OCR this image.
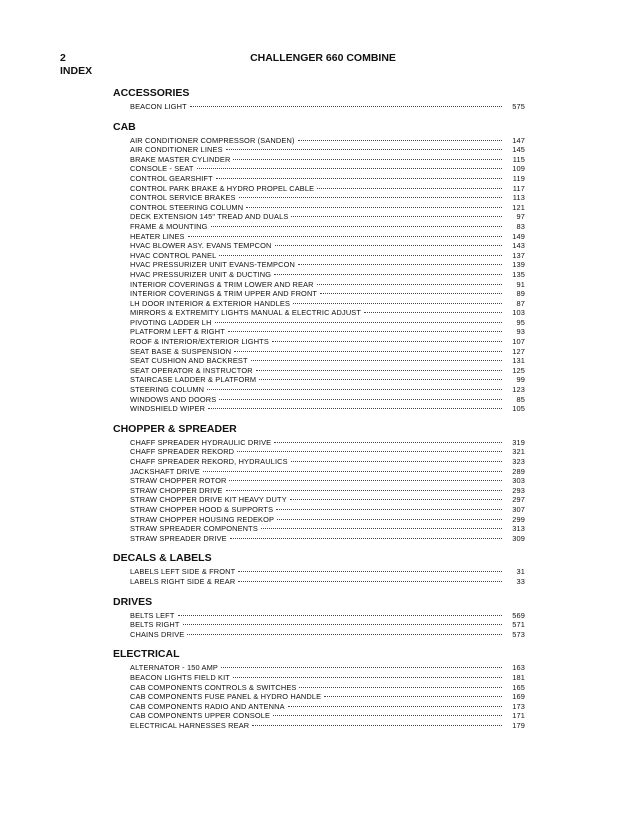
2	CHALLENGER 660 COMBINE
INDEX
ACCESSORIES
BEACON LIGHT	575
CAB
AIR CONDITIONER COMPRESSOR (SANDEN)	147
AIR CONDITIONER LINES	145
BRAKE MASTER CYLINDER	115
CONSOLE - SEAT	109
CONTROL GEARSHIFT	119
CONTROL PARK BRAKE & HYDRO PROPEL CABLE	117
CONTROL SERVICE BRAKES	113
CONTROL STEERING COLUMN	121
DECK EXTENSION 145" TREAD AND DUALS	97
FRAME & MOUNTING	83
HEATER LINES	149
HVAC BLOWER ASY. EVANS TEMPCON	143
HVAC CONTROL PANEL	137
HVAC PRESSURIZER UNIT EVANS-TEMPCON	139
HVAC PRESSURIZER UNIT & DUCTING	135
INTERIOR COVERINGS & TRIM LOWER AND REAR	91
INTERIOR COVERINGS & TRIM UPPER AND FRONT	89
LH DOOR INTERIOR & EXTERIOR HANDLES	87
MIRRORS & EXTREMITY LIGHTS MANUAL & ELECTRIC ADJUST	103
PIVOTING LADDER LH	95
PLATFORM LEFT & RIGHT	93
ROOF & INTERIOR/EXTERIOR LIGHTS	107
SEAT BASE & SUSPENSION	127
SEAT CUSHION AND BACKREST	131
SEAT OPERATOR & INSTRUCTOR	125
STAIRCASE LADDER & PLATFORM	99
STEERING COLUMN	123
WINDOWS AND DOORS	85
WINDSHIELD WIPER	105
CHOPPER & SPREADER
CHAFF SPREADER HYDRAULIC DRIVE	319
CHAFF SPREADER REKORD	321
CHAFF SPREADER REKORD, HYDRAULICS	323
JACKSHAFT DRIVE	289
STRAW CHOPPER ROTOR	303
STRAW CHOPPER DRIVE	293
STRAW CHOPPER DRIVE KIT HEAVY DUTY	297
STRAW CHOPPER HOOD & SUPPORTS	307
STRAW CHOPPER HOUSING REDEKOP	299
STRAW SPREADER COMPONENTS	313
STRAW SPREADER DRIVE	309
DECALS & LABELS
LABELS LEFT SIDE & FRONT	31
LABELS RIGHT SIDE & REAR	33
DRIVES
BELTS LEFT	569
BELTS RIGHT	571
CHAINS DRIVE	573
ELECTRICAL
ALTERNATOR - 150 AMP	163
BEACON LIGHTS FIELD KIT	181
CAB COMPONENTS CONTROLS & SWITCHES	165
CAB COMPONENTS FUSE PANEL & HYDRO HANDLE	169
CAB COMPONENTS RADIO AND ANTENNA	173
CAB COMPONENTS UPPER CONSOLE	171
ELECTRICAL HARNESSES REAR	179
